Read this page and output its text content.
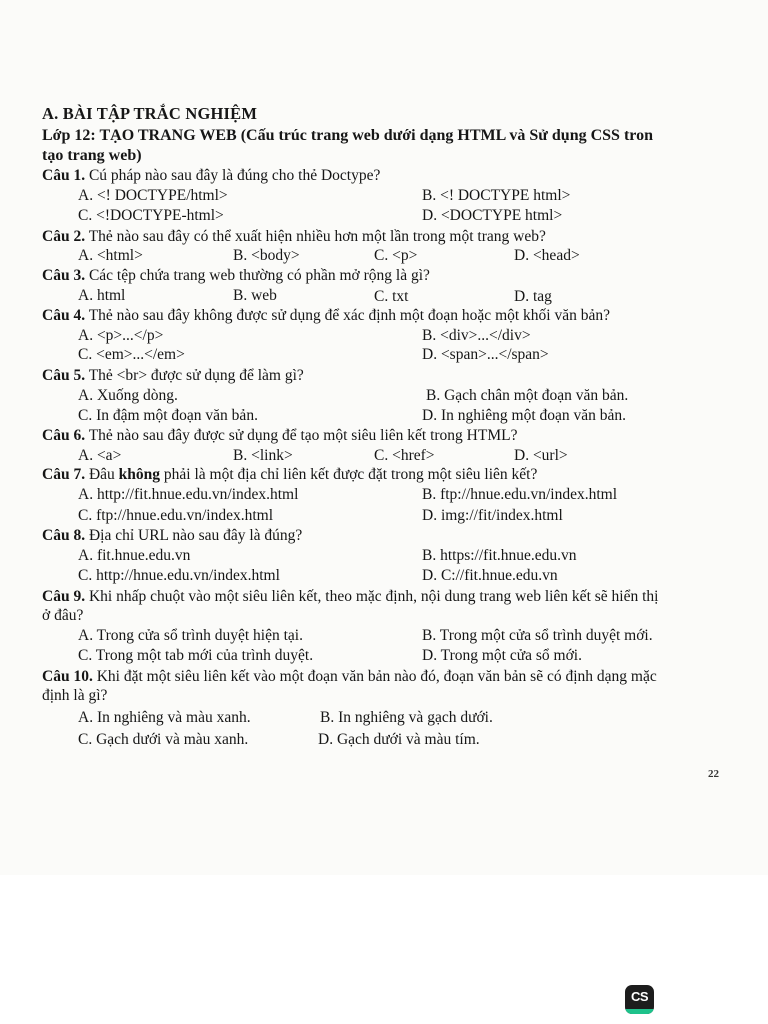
A. BÀI TẬP TRẮC NGHIỆM
Lớp 12: TẠO TRANG WEB (Cấu trúc trang web dưới dạng HTML và Sử dụng CSS tron
tạo trang web)
Câu 1. Cú pháp nào sau đây là đúng cho thẻ Doctype?
A. <! DOCTYPE/html>	B. <! DOCTYPE html>
C. <!DOCTYPE-html>	D. <DOCTYPE html>
Câu 2. Thẻ nào sau đây có thể xuất hiện nhiều hơn một lần trong một trang web?
A. <html>	B. <body>	C. <p>	D. <head>
Câu 3. Các tệp chứa trang web thường có phần mở rộng là gì?
A. html	B. web	C. txt	D. tag
Câu 4. Thẻ nào sau đây không được sử dụng để xác định một đoạn hoặc một khối văn bản?
A. <p>...</p>	B. <div>...</div>
C. <em>...</em>	D. <span>...</span>
Câu 5. Thẻ <br> được sử dụng để làm gì?
A. Xuống dòng.	B. Gạch chân một đoạn văn bản.
C. In đậm một đoạn văn bản.	D. In nghiêng một đoạn văn bản.
Câu 6. Thẻ nào sau đây được sử dụng để tạo một siêu liên kết trong HTML?
A. <a>	B. <link>	C. <href>	D. <url>
Câu 7. Đâu không phải là một địa chỉ liên kết được đặt trong một siêu liên kết?
A. http://fit.hnue.edu.vn/index.html	B. ftp://hnue.edu.vn/index.html
C. ftp://hnue.edu.vn/index.html	D. img://fit/index.html
Câu 8. Địa chỉ URL nào sau đây là đúng?
A. fit.hnue.edu.vn	B. https://fit.hnue.edu.vn
C. http://hnue.edu.vn/index.html	D. C://fit.hnue.edu.vn
Câu 9. Khi nhấp chuột vào một siêu liên kết, theo mặc định, nội dung trang web liên kết sẽ hiển thị
ở đâu?
A. Trong cửa sổ trình duyệt hiện tại.	B. Trong một cửa sổ trình duyệt mới.
C. Trong một tab mới của trình duyệt.	D. Trong một cửa sổ mới.
Câu 10. Khi đặt một siêu liên kết vào một đoạn văn bản nào đó, đoạn văn bản sẽ có định dạng mặc
định là gì?
A. In nghiêng và màu xanh.	B. In nghiêng và gạch dưới.
C. Gạch dưới và màu xanh.	D. Gạch dưới và màu tím.
22
CS
